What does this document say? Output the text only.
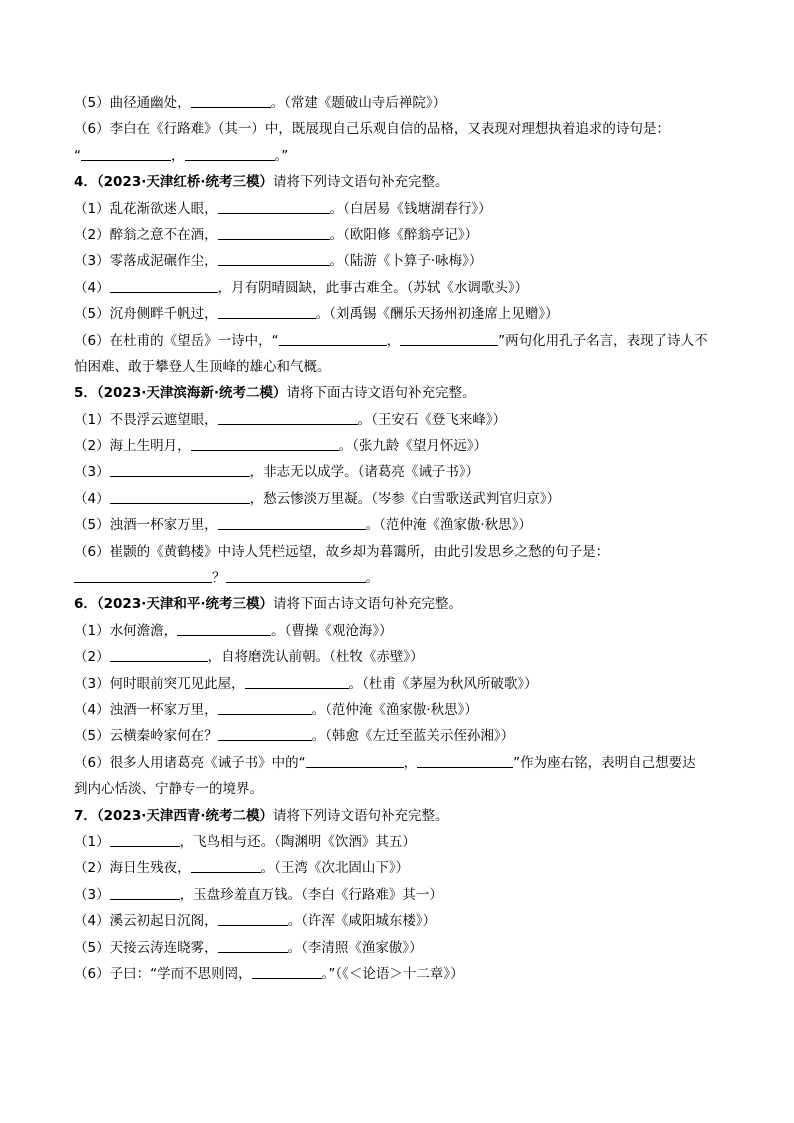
（5）曲径通幽处，	。（常建《题破山寺后禅院》）
（6）李白在《行路难》（其一）中，既展现自己乐观自信的品格，又表现对理想执着追求的诗句是：
“	，	。”
4．（2023·天津红桥·统考三模）请将下列诗文语句补充完整。
（1）乱花渐欲迷人眼，	。（白居易《钱塘湖春行》）
（2）醉翁之意不在酒，	。（欧阳修《醉翁亭记》）
（3）零落成泥碾作尘，	。（陆游《卜算子·咏梅》）
（4）	，月有阴晴圆缺，此事古难全。（苏轼《水调歌头》）
（5）沉舟侧畔千帆过，	。（刘禹锡《酬乐天扬州初逢席上见赠》）
（6）在杜甫的《望岳》一诗中，“	，	”两句化用孔子名言，表现了诗人不
怕困难、敢于攀登人生顶峰的雄心和气概。
5．（2023·天津滨海新·统考二模）请将下面古诗文语句补充完整。
（1）不畏浮云遮望眼，	。（王安石《登飞来峰》）
（2）海上生明月，	。（张九龄《望月怀远》）
（3）	，非志无以成学。（诸葛亮《诫子书》）
（4）	，愁云惨淡万里凝。（岑参《白雪歌送武判官归京》）
（5）浊酒一杯家万里，	。（范仲淹《渔家傲·秋思》）
（6）崔颢的《黄鹤楼》中诗人凭栏远望，故乡却为暮霭所，由此引发思乡之愁的句子是：
？	。
6．（2023·天津和平·统考三模）请将下面古诗文语句补充完整。
（1）水何澹澹，	。（曹操《观沧海》）
（2）	，自将磨洗认前朝。（杜牧《赤壁》）
（3）何时眼前突兀见此屋，	。（杜甫《茅屋为秋风所破歌》）
（4）浊酒一杯家万里，	。（范仲淹《渔家傲·秋思》）
（5）云横秦岭家何在？	。（韩愈《左迁至蓝关示侄孙湘》）
（6）很多人用诸葛亮《诫子书》中的“	，	”作为座右铭，表明自己想要达
到内心恬淡、宁静专一的境界。
7．（2023·天津西青·统考二模）请将下列诗文语句补充完整。
（1）	，飞鸟相与还。（陶渊明《饮酒》其五）
（2）海日生残夜，	。（王湾《次北固山下》）
（3）	，玉盘珍羞直万钱。（李白《行路难》其一）
（4）溪云初起日沉阁，	。（许浑《咸阳城东楼》）
（5）天接云涛连晓雾，	。（李清照《渔家傲》）
（6）子曰：“学而不思则罔，	。”（《＜论语＞十二章》）
